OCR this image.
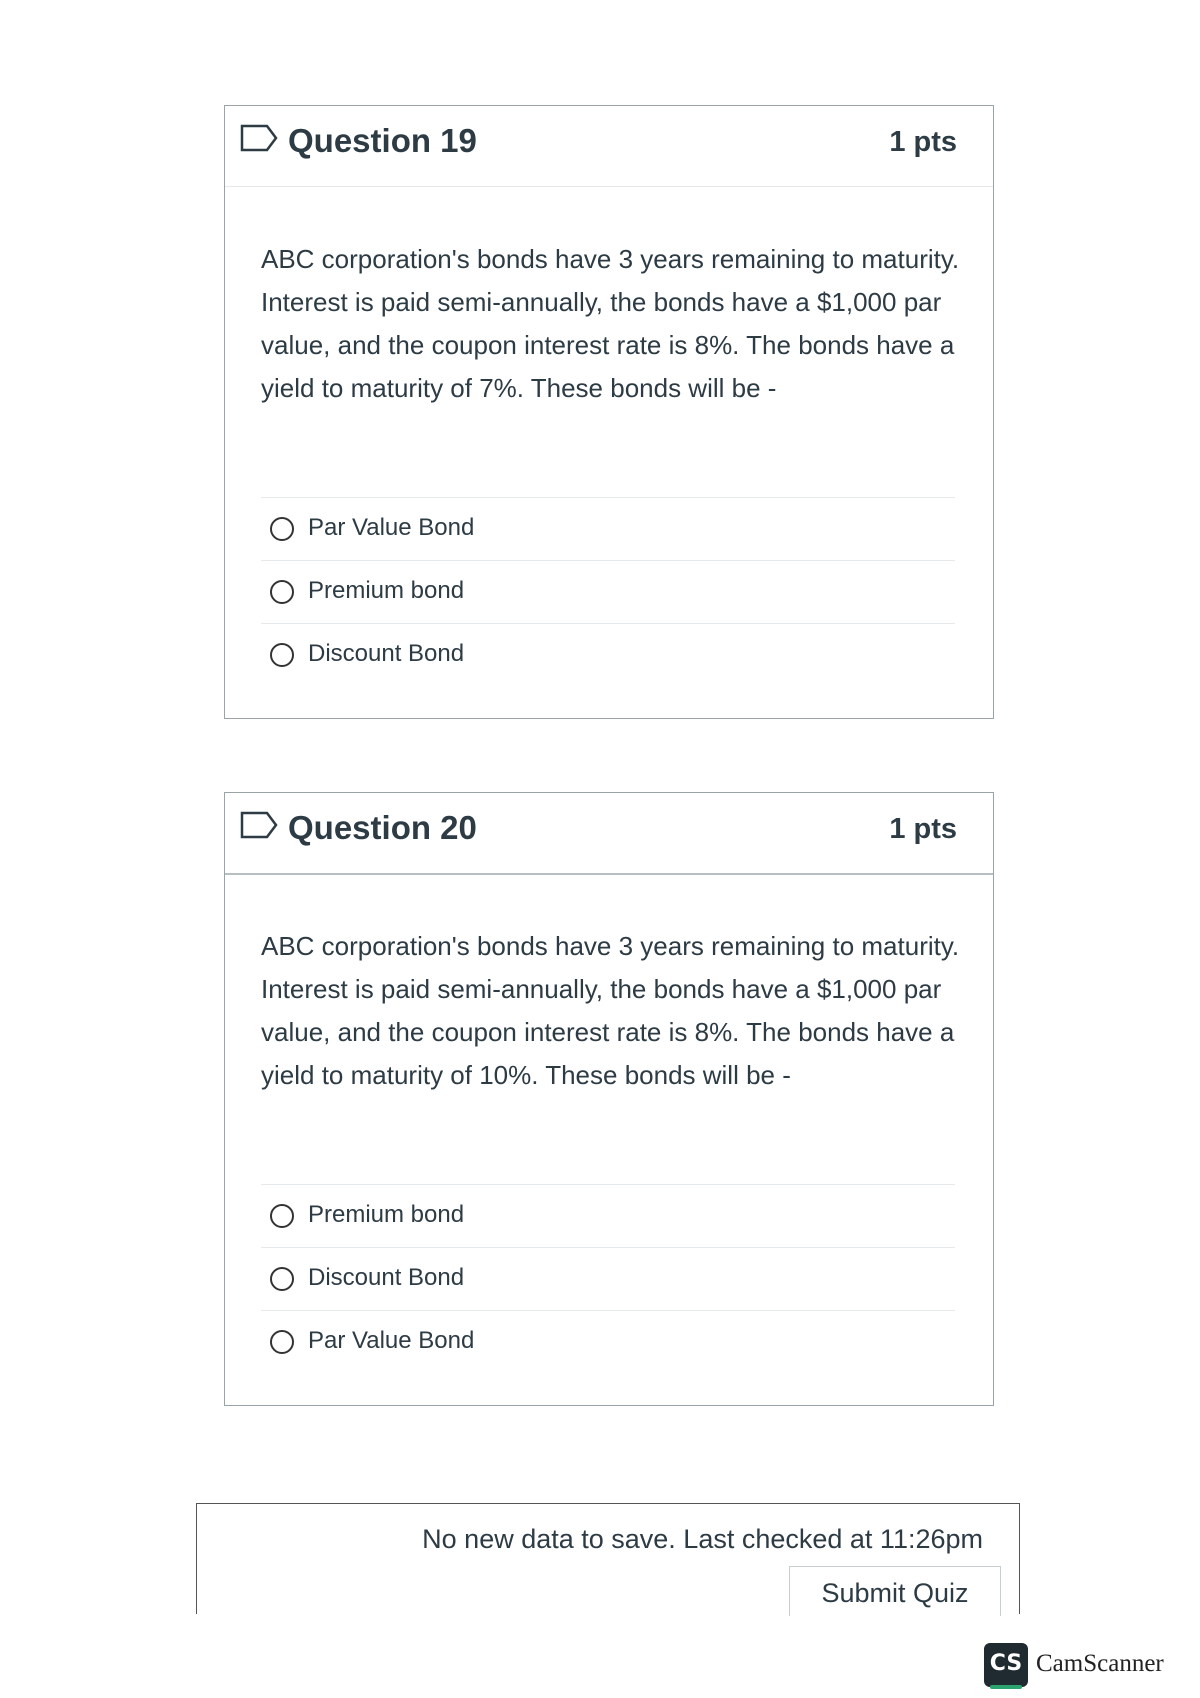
Question 19	1 pts
ABC corporation's bonds have 3 years remaining to maturity. Interest is paid semi-annually, the bonds have a $1,000 par value, and the coupon interest rate is 8%. The bonds have a yield to maturity of 7%. These bonds will be -
Par Value Bond
Premium bond
Discount Bond
Question 20	1 pts
ABC corporation's bonds have 3 years remaining to maturity. Interest is paid semi-annually, the bonds have a $1,000 par value, and the coupon interest rate is 8%. The bonds have a yield to maturity of 10%. These bonds will be -
Premium bond
Discount Bond
Par Value Bond
No new data to save. Last checked at 11:26pm
Submit Quiz
CS CamScanner
